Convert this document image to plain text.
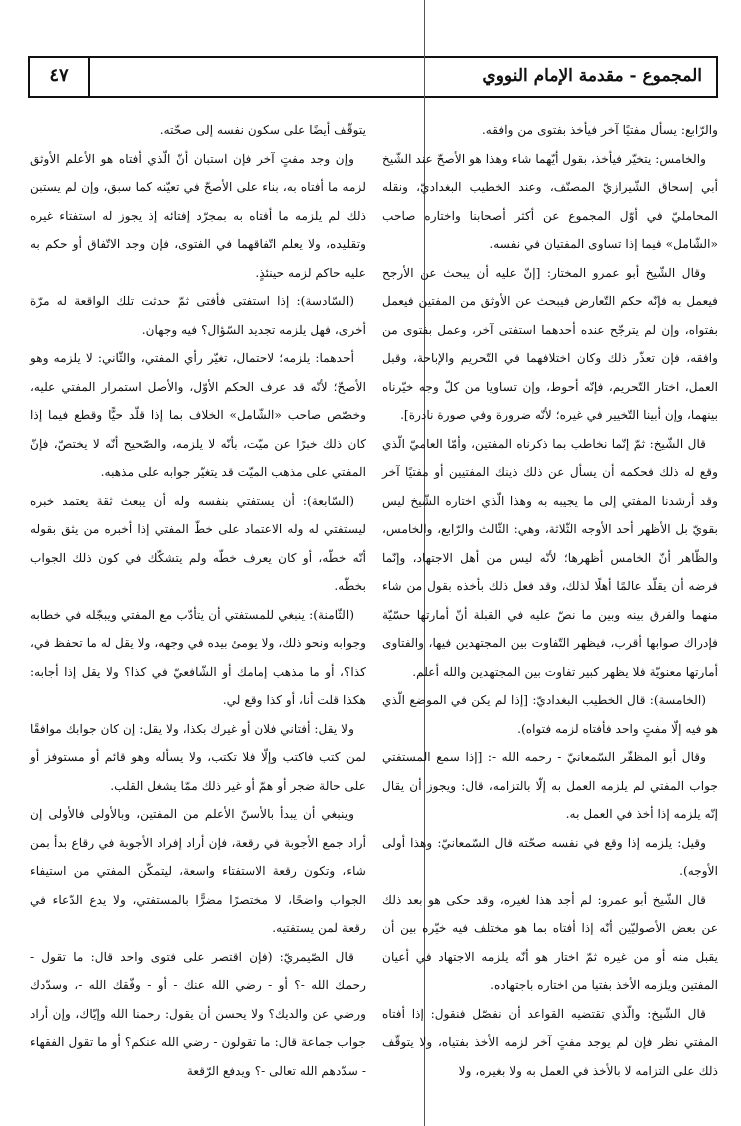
المجموع - مقدمة الإمام النووي
٤٧

والرّابع: يسأل مفتيًا آخر فيأخذ بفتوى من وافقه.

والخامس: يتخيّر فيأخذ، بقول أيّهما شاء وهذا هو الأصحّ عند الشّيخ أبي إسحاق الشّيرازيّ المصنّف، وعند الخطيب البغداديّ، ونقله المحامليّ في أوّل المجموع عن أكثر أصحابنا واختاره صاحب «الشّامل» فيما إذا تساوى المفتيان في نفسه.

وقال الشّيخ أبو عمرو المختار: [إنّ عليه أن يبحث عن الأرجح فيعمل به فإنّه حكم التّعارض فيبحث عن الأوثق من المفتين فيعمل بفتواه، وإن لم يترجّح عنده أحدهما استفتى آخر، وعمل بفتوى من وافقه، فإن تعذّر ذلك وكان اختلافهما في التّحريم والإباحة، وقبل العمل، اختار التّحريم، فإنّه أحوط، وإن تساويا من كلّ وجه خيّرناه بينهما، وإن أبينا التّخيير في غيره؛ لأنّه ضرورة وفي صورة نادرة].

قال الشّيخ: ثمّ إنّما نخاطب بما ذكرناه المفتين، وأمّا العاميّ الّذي وقع له ذلك فحكمه أن يسأل عن ذلك ذينك المفتيين أو مفتيًا آخر وقد أرشدنا المفتي إلى ما يجيبه به وهذا الّذي اختاره الشّيخ ليس بقويّ بل الأظهر أحد الأوجه الثّلاثة، وهي: الثّالث والرّابع، والخامس، والظّاهر أنّ الخامس أظهرها؛ لأنّه ليس من أهل الاجتهاد، وإنّما فرضه أن يقلّد عالمًا أهلًا لذلك، وقد فعل ذلك بأخذه بقول من شاء منهما والفرق بينه وبين ما نصّ عليه في القبلة أنّ أمارتها حسّيّة فإدراك صوابها أقرب، فيظهر التّفاوت بين المجتهدين فيها، والفتاوى أمارتها معنويّة فلا يظهر كبير تفاوت بين المجتهدين والله أعلم.

(الخامسة): قال الخطيب البغداديّ: [إذا لم يكن في الموضع الّذي هو فيه إلّا مفتٍ واحد فأفتاه لزمه فتواه).

وقال أبو المظفّر السّمعانيّ - رحمه الله -: [إذا سمع المستفتي جواب المفتي لم يلزمه العمل به إلّا بالتزامه، قال: ويجوز أن يقال إنّه يلزمه إذا أخذ في العمل به.

وقيل: يلزمه إذا وقع في نفسه صحّته قال السّمعانيّ: وهذا أولى الأوجه).

قال الشّيخ أبو عمرو: لم أجد هذا لغيره، وقد حكى هو بعد ذلك عن بعض الأصوليّين أنّه إذا أفتاه بما هو مختلف فيه خيّره بين أن يقبل منه أو من غيره ثمّ اختار هو أنّه يلزمه الاجتهاد في أعيان المفتين ويلزمه الأخذ بفتيا من اختاره باجتهاده.

قال الشّيخ: والّذي تقتضيه القواعد أن نفصّل فنقول: إذا أفتاه المفتي نظر فإن لم يوجد مفتٍ آخر لزمه الأخذ بفتياه، ولا يتوقّف ذلك على التزامه لا بالأخذ في العمل به ولا بغيره، ولا

يتوقّف أيضًا على سكون نفسه إلى صحّته.

وإن وجد مفتٍ آخر فإن استبان أنّ الّذي أفتاه هو الأعلم الأوثق لزمه ما أفتاه به، بناء على الأصحّ في تعيّنه كما سبق، وإن لم يستبن ذلك لم يلزمه ما أفتاه به بمجرّد إفتائه إذ يجوز له استفتاء غيره وتقليده، ولا يعلم اتّفاقهما في الفتوى، فإن وجد الاتّفاق أو حكم به عليه حاكم لزمه حينئذٍ.

(السّادسة): إذا استفتى فأفتى ثمّ حدثت تلك الواقعة له مرّة أخرى، فهل يلزمه تجديد السّؤال؟ فيه وجهان.

أحدهما: يلزمه؛ لاحتمال، تغيّر رأي المفتي، والثّاني: لا يلزمه وهو الأصحّ؛ لأنّه قد عرف الحكم الأوّل، والأصل استمرار المفتي عليه، وخصّص صاحب «الشّامل» الخلاف بما إذا قلّد حيًّا وقطع فيما إذا كان ذلك خبرًا عن ميّت، بأنّه لا يلزمه، والصّحيح أنّه لا يختصّ، فإنّ المفتي على مذهب الميّت قد يتغيّر جوابه على مذهبه.

(السّابعة): أن يستفتي بنفسه وله أن يبعث ثقة يعتمد خبره ليستفتي له وله الاعتماد على خطّ المفتي إذا أخبره من يثق بقوله أنّه خطّه، أو كان يعرف خطّه ولم يتشكّك في كون ذلك الجواب بخطّه.

(الثّامنة): ينبغي للمستفتي أن يتأدّب مع المفتي ويبجّله في خطابه وجوابه ونحو ذلك، ولا يومئ بيده في وجهه، ولا يقل له ما تحفظ في، كذا؟، أو ما مذهب إمامك أو الشّافعيّ في كذا؟ ولا يقل إذا أجابه: هكذا قلت أنا، أو كذا وقع لي.

ولا يقل: أفتاني فلان أو غيرك بكذا، ولا يقل: إن كان جوابك موافقًا لمن كتب فاكتب وإلّا فلا تكتب، ولا يسأله وهو قائم أو مستوفز أو على حالة ضجر أو همّ أو غير ذلك ممّا يشغل القلب.

وينبغي أن يبدأ بالأسنّ الأعلم من المفتين، وبالأولى فالأولى إن أراد جمع الأجوبة في رقعة، فإن أراد إفراد الأجوبة في رقاع بدأ بمن شاء، وتكون رقعة الاستفتاء واسعة، ليتمكّن المفتي من استيفاء الجواب واضحًا، لا مختصرًا مضرًّا بالمستفتي، ولا يدع الدّعاء في رقعة لمن يستفتيه.

قال الصّيمريّ: (فإن اقتصر على فتوى واحد قال: ما تقول - رحمك الله -؟ أو - رضي الله عنك - أو - وفّقك الله -، وسدّدك ورضي عن والديك؟ ولا يحسن أن يقول: رحمنا الله وإيّاك، وإن أراد جواب جماعة قال: ما تقولون - رضي الله عنكم؟ أو ما تقول الفقهاء - سدّدهم الله تعالى -؟ ويدفع الرّقعة
